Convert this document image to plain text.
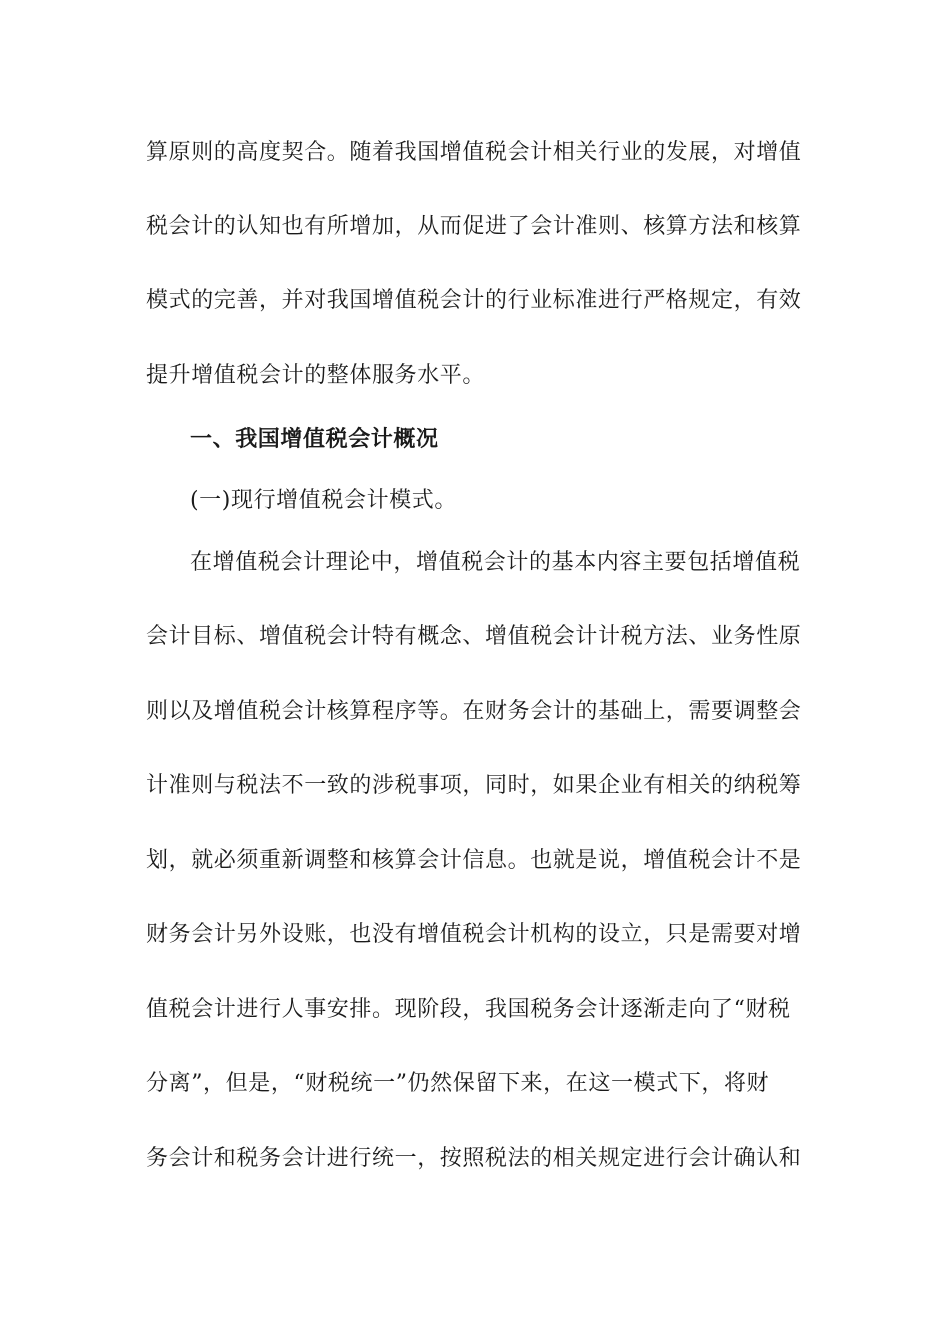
算原则的高度契合。随着我国增值税会计相关行业的发展，对增值
税会计的认知也有所增加，从而促进了会计准则、核算方法和核算
模式的完善，并对我国增值税会计的行业标准进行严格规定，有效
提升增值税会计的整体服务水平。
一、我国增值税会计概况
(一)现行增值税会计模式。
在增值税会计理论中，增值税会计的基本内容主要包括增值税
会计目标、增值税会计特有概念、增值税会计计税方法、业务性原
则以及增值税会计核算程序等。在财务会计的基础上，需要调整会
计准则与税法不一致的涉税事项，同时，如果企业有相关的纳税筹
划，就必须重新调整和核算会计信息。也就是说，增值税会计不是
财务会计另外设账，也没有增值税会计机构的设立，只是需要对增
值税会计进行人事安排。现阶段，我国税务会计逐渐走向了“财税
分离”，但是，“财税统一”仍然保留下来，在这一模式下，将财
务会计和税务会计进行统一，按照税法的相关规定进行会计确认和
